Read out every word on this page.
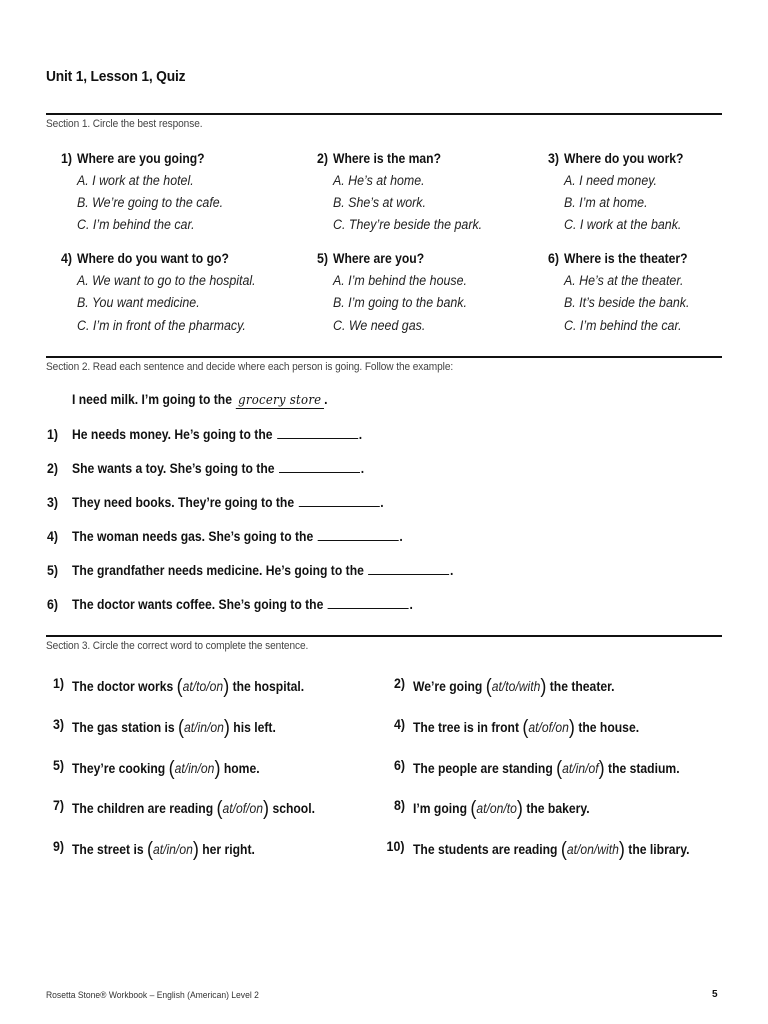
Unit 1, Lesson 1, Quiz
Section 1. Circle the best response.
1) Where are you going?
A. I work at the hotel.
B. We’re going to the cafe.
C. I’m behind the car.
2) Where is the man?
A. He’s at home.
B. She’s at work.
C. They’re beside the park.
3) Where do you work?
A. I need money.
B. I’m at home.
C. I work at the bank.
4) Where do you want to go?
A. We want to go to the hospital.
B. You want medicine.
C. I’m in front of the pharmacy.
5) Where are you?
A. I’m behind the house.
B. I’m going to the bank.
C. We need gas.
6) Where is the theater?
A. He’s at the theater.
B. It’s beside the bank.
C. I’m behind the car.
Section 2. Read each sentence and decide where each person is going. Follow the example:
I need milk. I’m going to the grocery store .
1) He needs money. He’s going to the	.
2) She wants a toy. She’s going to the	.
3) They need books. They’re going to the	.
4) The woman needs gas. She’s going to the	.
5) The grandfather needs medicine. He’s going to the	.
6) The doctor wants coffee. She’s going to the	.
Section 3. Circle the correct word to complete the sentence.
1) The doctor works (at/to/on) the hospital.	2) We’re going (at/to/with) the theater.
3) The gas station is (at/in/on) his left.	4) The tree is in front (at/of/on) the house.
5) They’re cooking (at/in/on) home.	6) The people are standing (at/in/of) the stadium.
7) The children are reading (at/of/on) school.	8) I’m going (at/on/to) the bakery.
9) The street is (at/in/on) her right.	10) The students are reading (at/on/with) the library.
Rosetta Stone® Workbook – English (American) Level 2	5
